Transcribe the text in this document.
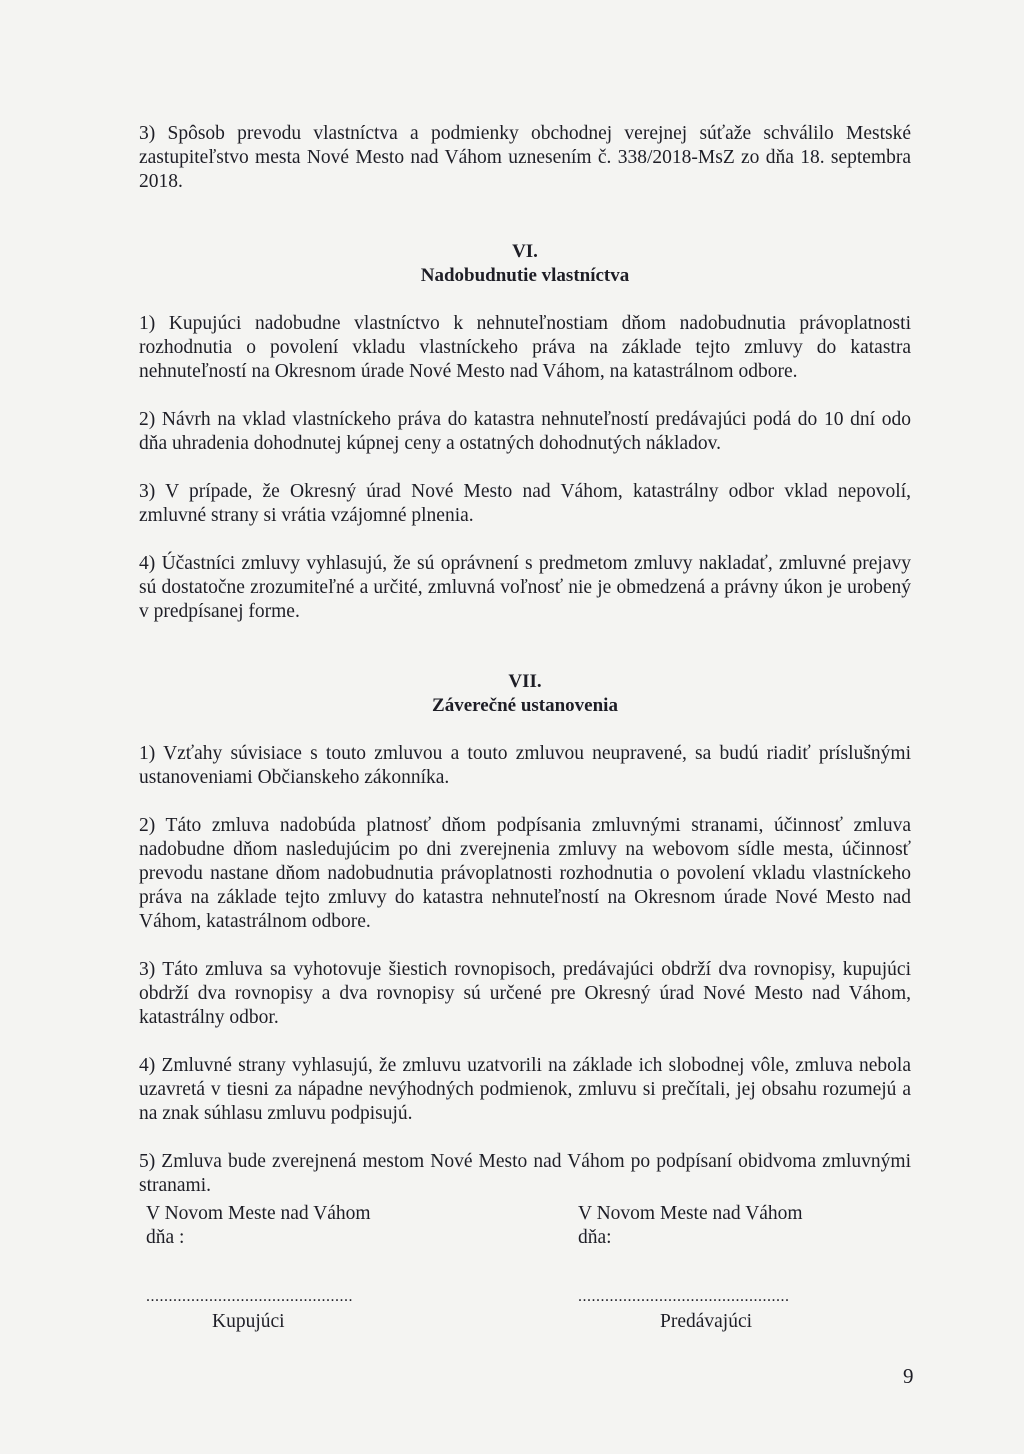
3) Spôsob prevodu vlastníctva a podmienky obchodnej verejnej súťaže schválilo Mestské zastupiteľstvo mesta Nové Mesto nad Váhom uznesením č. 338/2018-MsZ zo dňa 18. septembra 2018.

VI.

Nadobudnutie vlastníctva

1) Kupujúci nadobudne vlastníctvo k nehnuteľnostiam dňom nadobudnutia právoplatnosti rozhodnutia o povolení vkladu vlastníckeho práva na základe tejto zmluvy do katastra nehnuteľností na Okresnom úrade Nové Mesto nad Váhom, na katastrálnom odbore.

2) Návrh na vklad vlastníckeho práva do katastra nehnuteľností predávajúci podá do 10 dní odo dňa uhradenia dohodnutej kúpnej ceny a ostatných dohodnutých nákladov.

3) V prípade, že Okresný úrad Nové Mesto nad Váhom, katastrálny odbor vklad nepovolí, zmluvné strany si vrátia vzájomné plnenia.

4) Účastníci zmluvy vyhlasujú, že sú oprávnení s predmetom zmluvy nakladať, zmluvné prejavy sú dostatočne zrozumiteľné a určité, zmluvná voľnosť nie je obmedzená a právny úkon je urobený v predpísanej forme.

VII.

Záverečné ustanovenia

1) Vzťahy súvisiace s touto zmluvou a touto zmluvou neupravené, sa budú riadiť príslušnými ustanoveniami Občianskeho zákonníka.

2) Táto zmluva nadobúda platnosť dňom podpísania zmluvnými stranami, účinnosť zmluva nadobudne dňom nasledujúcim po dni zverejnenia zmluvy na webovom sídle mesta, účinnosť prevodu nastane dňom nadobudnutia právoplatnosti rozhodnutia o povolení vkladu vlastníckeho práva na základe tejto zmluvy do katastra nehnuteľností na Okresnom úrade Nové Mesto nad Váhom, katastrálnom odbore.

3) Táto zmluva sa vyhotovuje šiestich rovnopisoch, predávajúci obdrží dva rovnopisy, kupujúci obdrží dva rovnopisy a dva rovnopisy sú určené pre Okresný úrad Nové Mesto nad Váhom, katastrálny odbor.

4) Zmluvné strany vyhlasujú, že zmluvu uzatvorili na základe ich slobodnej vôle, zmluva nebola uzavretá v tiesni za nápadne nevýhodných podmienok, zmluvu si prečítali, jej obsahu rozumejú a na znak súhlasu zmluvu podpisujú.

5) Zmluva bude zverejnená mestom Nové Mesto nad Váhom po podpísaní obidvoma zmluvnými stranami.

V Novom Meste nad Váhom
dňa :
..............................................
Kupujúci
V Novom Meste nad Váhom
dňa:
...............................................
Predávajúci
9
